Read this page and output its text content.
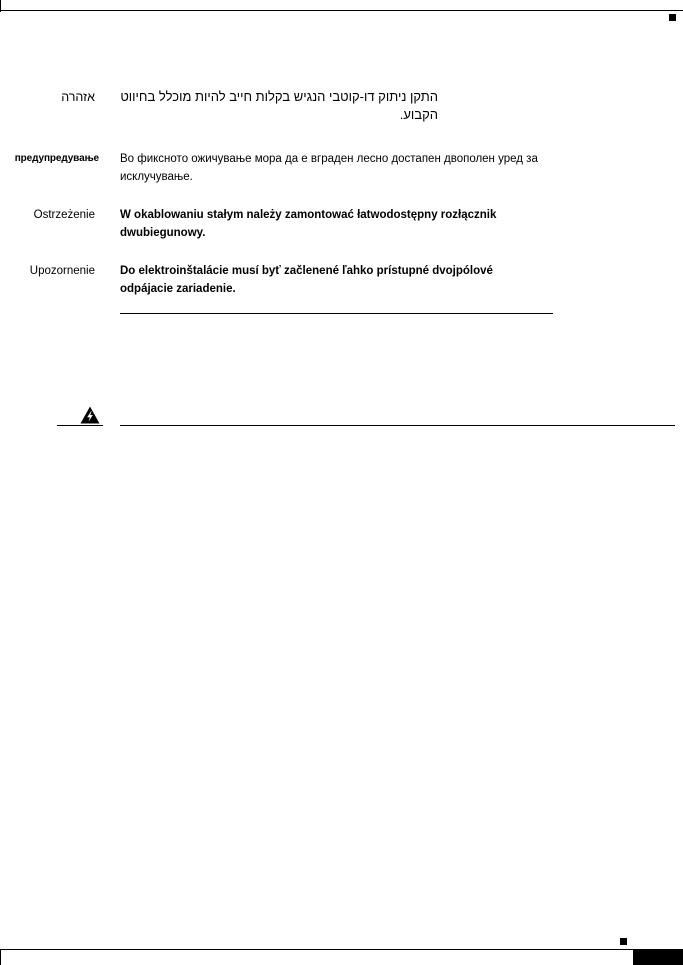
אזהרה התקן ניתוק דו-קוטבי הנגיש בקלות חייב להיות מוכלל בחיווט הקבוע.
предупредување Во фиксното ожичување мора да е вграден лесно достапен двополен уред за исклучување.
Ostrzeżenie W okablowaniu stałym należy zamontować łatwodostępny rozłącznik dwubiegunowy.
Upozornenie Do elektroinštalácie musí byť začlenené ľahko prístupné dvojpólové odpájacie zariadenie.
